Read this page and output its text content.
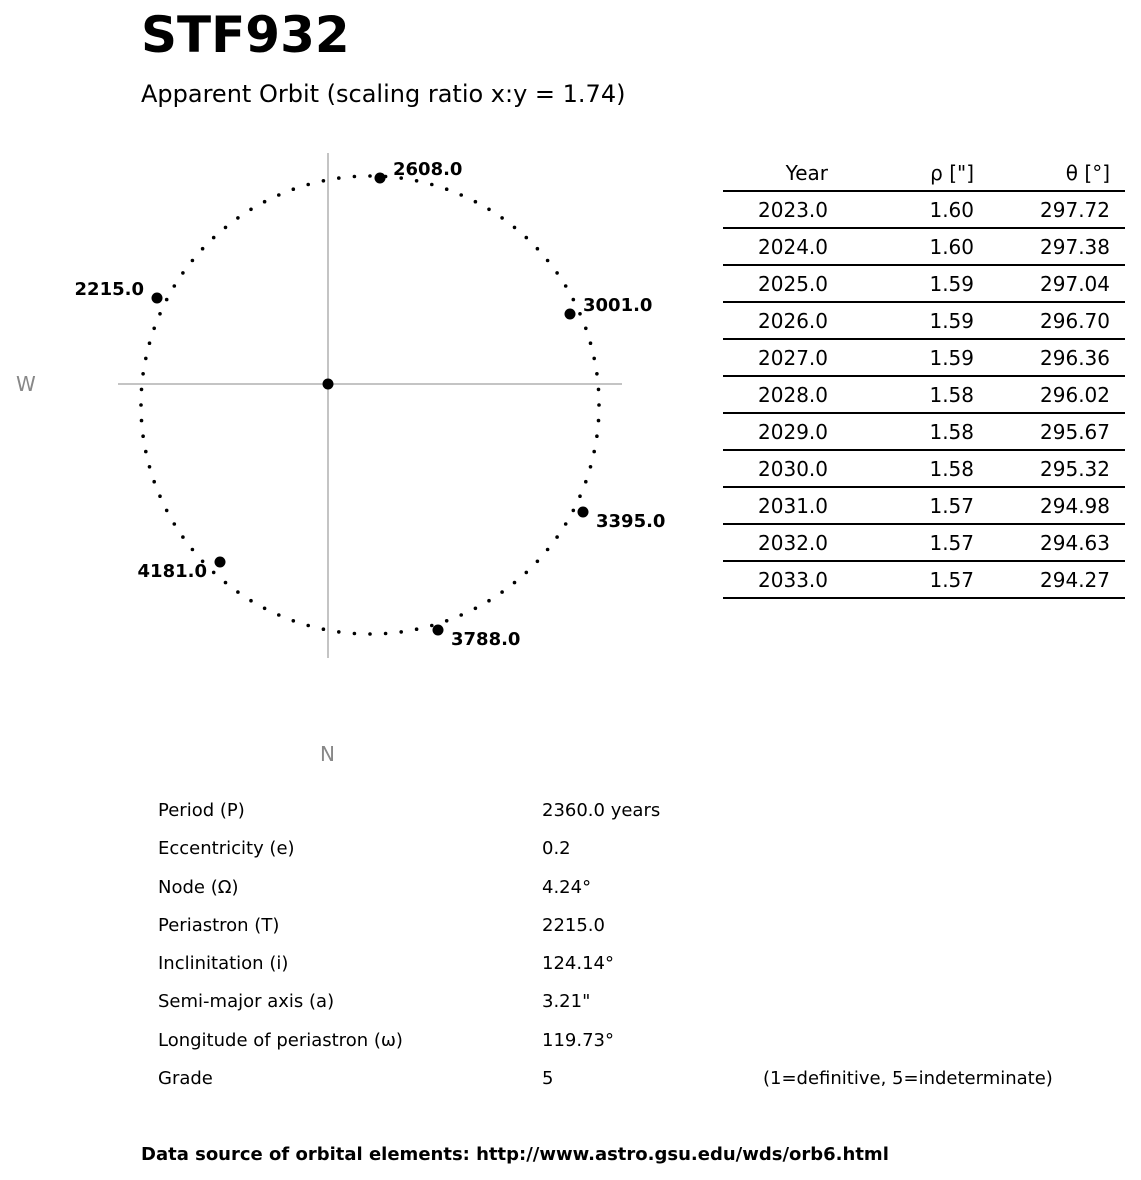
STF932
Apparent Orbit (scaling ratio x:y = 1.74)
2608.0
3001.0
3395.0
3788.0
4181.0
2215.0
W
N
Year	ρ ["]	θ [°]
2023.0	1.60	297.72
2024.0	1.60	297.38
2025.0	1.59	297.04
2026.0	1.59	296.70
2027.0	1.59	296.36
2028.0	1.58	296.02
2029.0	1.58	295.67
2030.0	1.58	295.32
2031.0	1.57	294.98
2032.0	1.57	294.63
2033.0	1.57	294.27
Period (P)	2360.0 years
Eccentricity (e)	0.2
Node (Ω)	4.24°
Periastron (T)	2215.0
Inclinitation (i)	124.14°
Semi-major axis (a)	3.21"
Longitude of periastron (ω)	119.73°
Grade	5	(1=definitive, 5=indeterminate)
Data source of orbital elements: http://www.astro.gsu.edu/wds/orb6.html
